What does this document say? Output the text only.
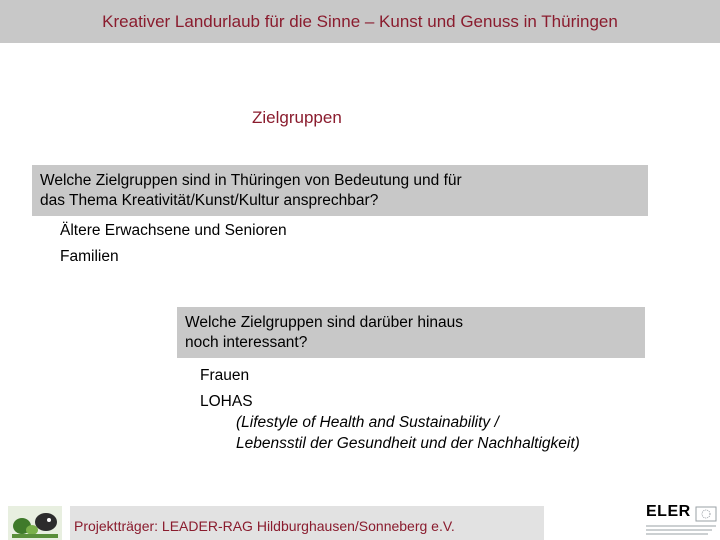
Kreativer Landurlaub für die Sinne – Kunst und Genuss in Thüringen
Zielgruppen
Welche Zielgruppen sind in Thüringen von Bedeutung und für
das Thema Kreativität/Kunst/Kultur ansprechbar?
Ältere Erwachsene und Senioren
Familien
Welche Zielgruppen sind darüber hinaus
noch interessant?
Frauen
LOHAS
(Lifestyle of Health and Sustainability /
Lebensstil der Gesundheit und der Nachhaltigkeit)
Projektträger: LEADER-RAG Hildburghausen/Sonneberg e.V.
ELER
